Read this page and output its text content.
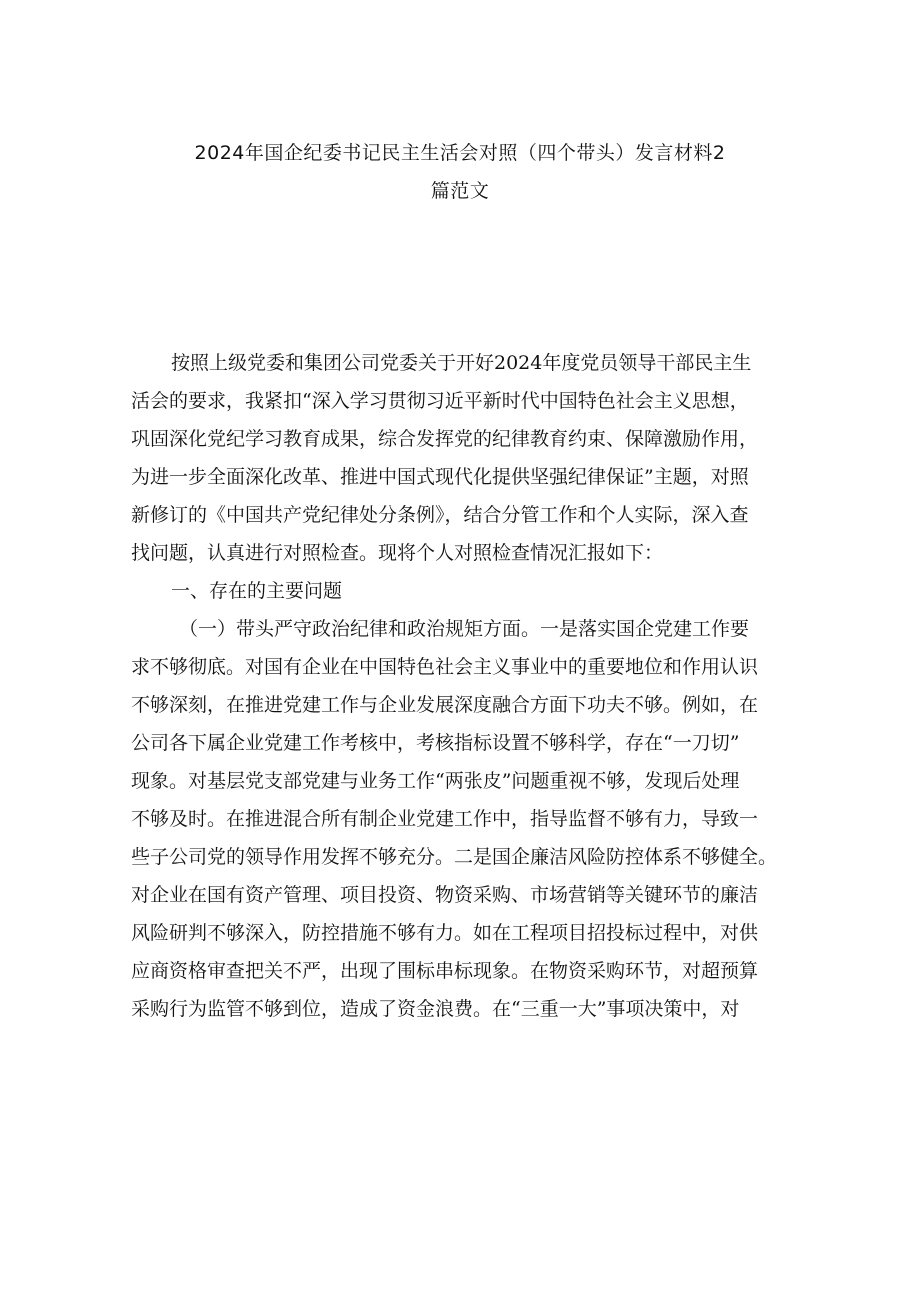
2024年国企纪委书记民主生活会对照（四个带头）发言材料2
篇范文
按照上级党委和集团公司党委关于开好2024年度党员领导干部民主生
活会的要求，我紧扣“深入学习贯彻习近平新时代中国特色社会主义思想，
巩固深化党纪学习教育成果，综合发挥党的纪律教育约束、保障激励作用，
为进一步全面深化改革、推进中国式现代化提供坚强纪律保证”主题，对照
新修订的《中国共产党纪律处分条例》，结合分管工作和个人实际，深入查
找问题，认真进行对照检查。现将个人对照检查情况汇报如下：
一、存在的主要问题
（一）带头严守政治纪律和政治规矩方面。一是落实国企党建工作要
求不够彻底。对国有企业在中国特色社会主义事业中的重要地位和作用认识
不够深刻，在推进党建工作与企业发展深度融合方面下功夫不够。例如，在
公司各下属企业党建工作考核中，考核指标设置不够科学，存在“一刀切”
现象。对基层党支部党建与业务工作“两张皮”问题重视不够，发现后处理
不够及时。在推进混合所有制企业党建工作中，指导监督不够有力，导致一
些子公司党的领导作用发挥不够充分。二是国企廉洁风险防控体系不够健全。
对企业在国有资产管理、项目投资、物资采购、市场营销等关键环节的廉洁
风险研判不够深入，防控措施不够有力。如在工程项目招投标过程中，对供
应商资格审查把关不严，出现了围标串标现象。在物资采购环节，对超预算
采购行为监管不够到位，造成了资金浪费。在“三重一大”事项决策中，对
